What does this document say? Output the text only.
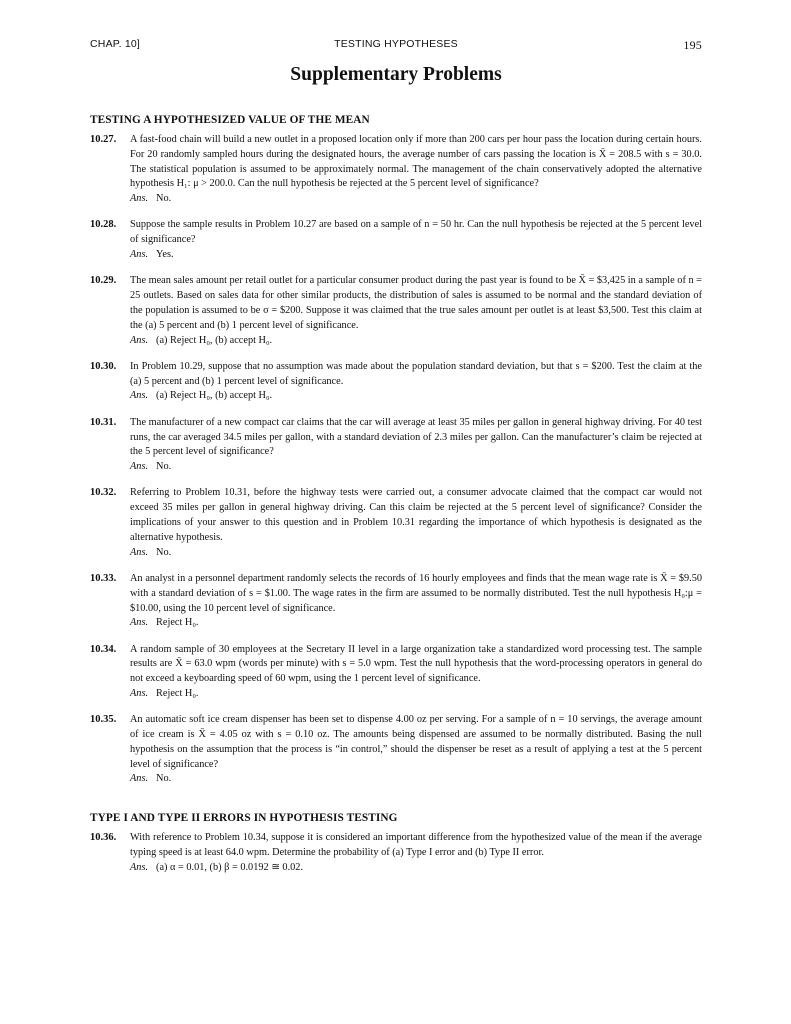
CHAP. 10]	TESTING HYPOTHESES	195
Supplementary Problems
TESTING A HYPOTHESIZED VALUE OF THE MEAN
10.27. A fast-food chain will build a new outlet in a proposed location only if more than 200 cars per hour pass the location during certain hours. For 20 randomly sampled hours during the designated hours, the average number of cars passing the location is X̄ = 208.5 with s = 30.0. The statistical population is assumed to be approximately normal. The management of the chain conservatively adopted the alternative hypothesis H₁: μ > 200.0. Can the null hypothesis be rejected at the 5 percent level of significance?
Ans. No.
10.28. Suppose the sample results in Problem 10.27 are based on a sample of n = 50 hr. Can the null hypothesis be rejected at the 5 percent level of significance?
Ans. Yes.
10.29. The mean sales amount per retail outlet for a particular consumer product during the past year is found to be X̄ = $3,425 in a sample of n = 25 outlets. Based on sales data for other similar products, the distribution of sales is assumed to be normal and the standard deviation of the population is assumed to be σ = $200. Suppose it was claimed that the true sales amount per outlet is at least $3,500. Test this claim at the (a) 5 percent and (b) 1 percent level of significance.
Ans. (a) Reject H₀, (b) accept H₀.
10.30. In Problem 10.29, suppose that no assumption was made about the population standard deviation, but that s = $200. Test the claim at the (a) 5 percent and (b) 1 percent level of significance.
Ans. (a) Reject H₀, (b) accept H₀.
10.31. The manufacturer of a new compact car claims that the car will average at least 35 miles per gallon in general highway driving. For 40 test runs, the car averaged 34.5 miles per gallon, with a standard deviation of 2.3 miles per gallon. Can the manufacturer’s claim be rejected at the 5 percent level of significance?
Ans. No.
10.32. Referring to Problem 10.31, before the highway tests were carried out, a consumer advocate claimed that the compact car would not exceed 35 miles per gallon in general highway driving. Can this claim be rejected at the 5 percent level of significance? Consider the implications of your answer to this question and in Problem 10.31 regarding the importance of which hypothesis is designated as the alternative hypothesis.
Ans. No.
10.33. An analyst in a personnel department randomly selects the records of 16 hourly employees and finds that the mean wage rate is X̄ = $9.50 with a standard deviation of s = $1.00. The wage rates in the firm are assumed to be normally distributed. Test the null hypothesis H₀:μ = $10.00, using the 10 percent level of significance.
Ans. Reject H₀.
10.34. A random sample of 30 employees at the Secretary II level in a large organization take a standardized word processing test. The sample results are X̄ = 63.0 wpm (words per minute) with s = 5.0 wpm. Test the null hypothesis that the word-processing operators in general do not exceed a keyboarding speed of 60 wpm, using the 1 percent level of significance.
Ans. Reject H₀.
10.35. An automatic soft ice cream dispenser has been set to dispense 4.00 oz per serving. For a sample of n = 10 servings, the average amount of ice cream is X̄ = 4.05 oz with s = 0.10 oz. The amounts being dispensed are assumed to be normally distributed. Basing the null hypothesis on the assumption that the process is “in control,” should the dispenser be reset as a result of applying a test at the 5 percent level of significance?
Ans. No.
TYPE I AND TYPE II ERRORS IN HYPOTHESIS TESTING
10.36. With reference to Problem 10.34, suppose it is considered an important difference from the hypothesized value of the mean if the average typing speed is at least 64.0 wpm. Determine the probability of (a) Type I error and (b) Type II error.
Ans. (a) α = 0.01, (b) β = 0.0192 ≅ 0.02.
